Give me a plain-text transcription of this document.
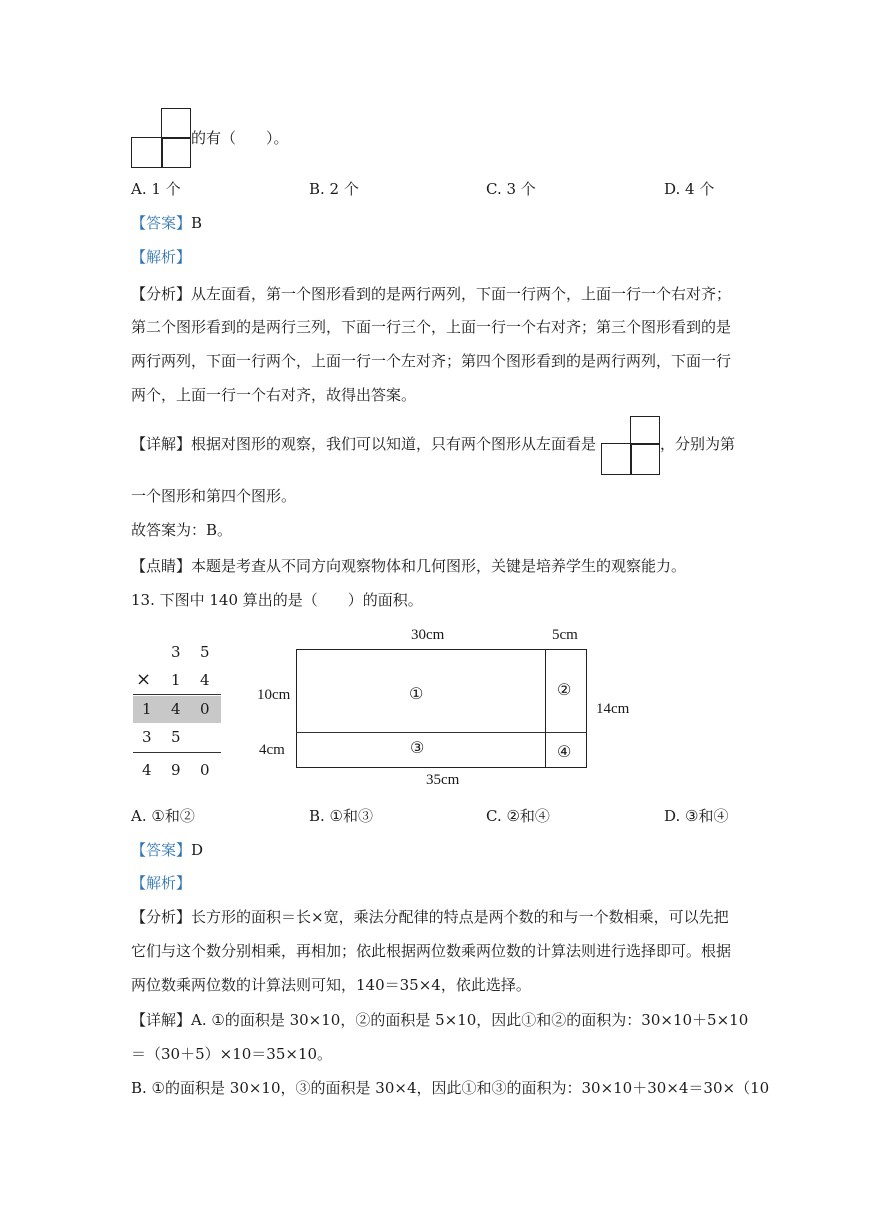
的有（　　）。
A. 1 个	B. 2 个	C. 3 个	D. 4 个
【答案】B
【解析】
【分析】从左面看，第一个图形看到的是两行两列，下面一行两个，上面一行一个右对齐；
第二个图形看到的是两行三列，下面一行三个，上面一行一个右对齐；第三个图形看到的是
两行两列，下面一行两个，上面一行一个左对齐；第四个图形看到的是两行两列，下面一行
两个，上面一行一个右对齐，故得出答案。
【详解】根据对图形的观察，我们可以知道，只有两个图形从左面看是	，分别为第
一个图形和第四个图形。
故答案为：B。
【点睛】本题是考查从不同方向观察物体和几何图形，关键是培养学生的观察能力。
13. 下图中 140 算出的是（　　）的面积。
3 5
× 1 4
1 4 0
3 5
4 9 0
30cm	5cm
10cm
4cm
14cm
35cm
①	②
③	④
A. ①和②	B. ①和③	C. ②和④	D. ③和④
【答案】D
【解析】
【分析】长方形的面积＝长×宽，乘法分配律的特点是两个数的和与一个数相乘，可以先把
它们与这个数分别相乘，再相加；依此根据两位数乘两位数的计算法则进行选择即可。根据
两位数乘两位数的计算法则可知，140＝35×4，依此选择。
【详解】A. ①的面积是 30×10，②的面积是 5×10，因此①和②的面积为：30×10＋5×10
＝（30＋5）×10＝35×10。
B. ①的面积是 30×10，③的面积是 30×4，因此①和③的面积为：30×10＋30×4＝30×（10
